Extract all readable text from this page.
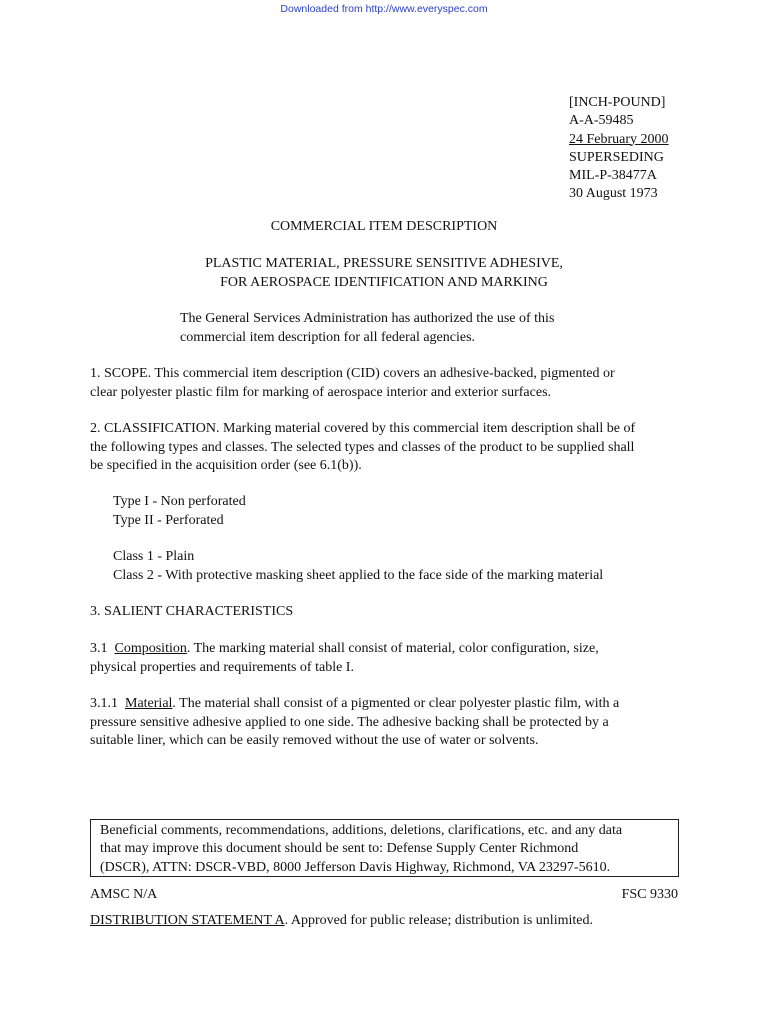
Downloaded from http://www.everyspec.com
[INCH-POUND]
A-A-59485
24 February 2000
SUPERSEDING
MIL-P-38477A
30 August 1973
COMMERCIAL ITEM DESCRIPTION
PLASTIC MATERIAL, PRESSURE SENSITIVE ADHESIVE,
FOR AEROSPACE IDENTIFICATION AND MARKING
The General Services Administration has authorized the use of this
commercial item description for all federal agencies.
1. SCOPE. This commercial item description (CID) covers an adhesive-backed, pigmented or
clear polyester plastic film for marking of aerospace interior and exterior surfaces.
2. CLASSIFICATION. Marking material covered by this commercial item description shall be of
the following types and classes. The selected types and classes of the product to be supplied shall
be specified in the acquisition order (see 6.1(b)).
Type I - Non perforated
Type II - Perforated
Class 1 - Plain
Class 2 - With protective masking sheet applied to the face side of the marking material
3. SALIENT CHARACTERISTICS
3.1 Composition. The marking material shall consist of material, color configuration, size,
physical properties and requirements of table I.
3.1.1 Material. The material shall consist of a pigmented or clear polyester plastic film, with a
pressure sensitive adhesive applied to one side. The adhesive backing shall be protected by a
suitable liner, which can be easily removed without the use of water or solvents.
Beneficial comments, recommendations, additions, deletions, clarifications, etc. and any data
that may improve this document should be sent to: Defense Supply Center Richmond
(DSCR), ATTN: DSCR-VBD, 8000 Jefferson Davis Highway, Richmond, VA 23297-5610.
AMSC N/A	FSC 9330
DISTRIBUTION STATEMENT A. Approved for public release; distribution is unlimited.
